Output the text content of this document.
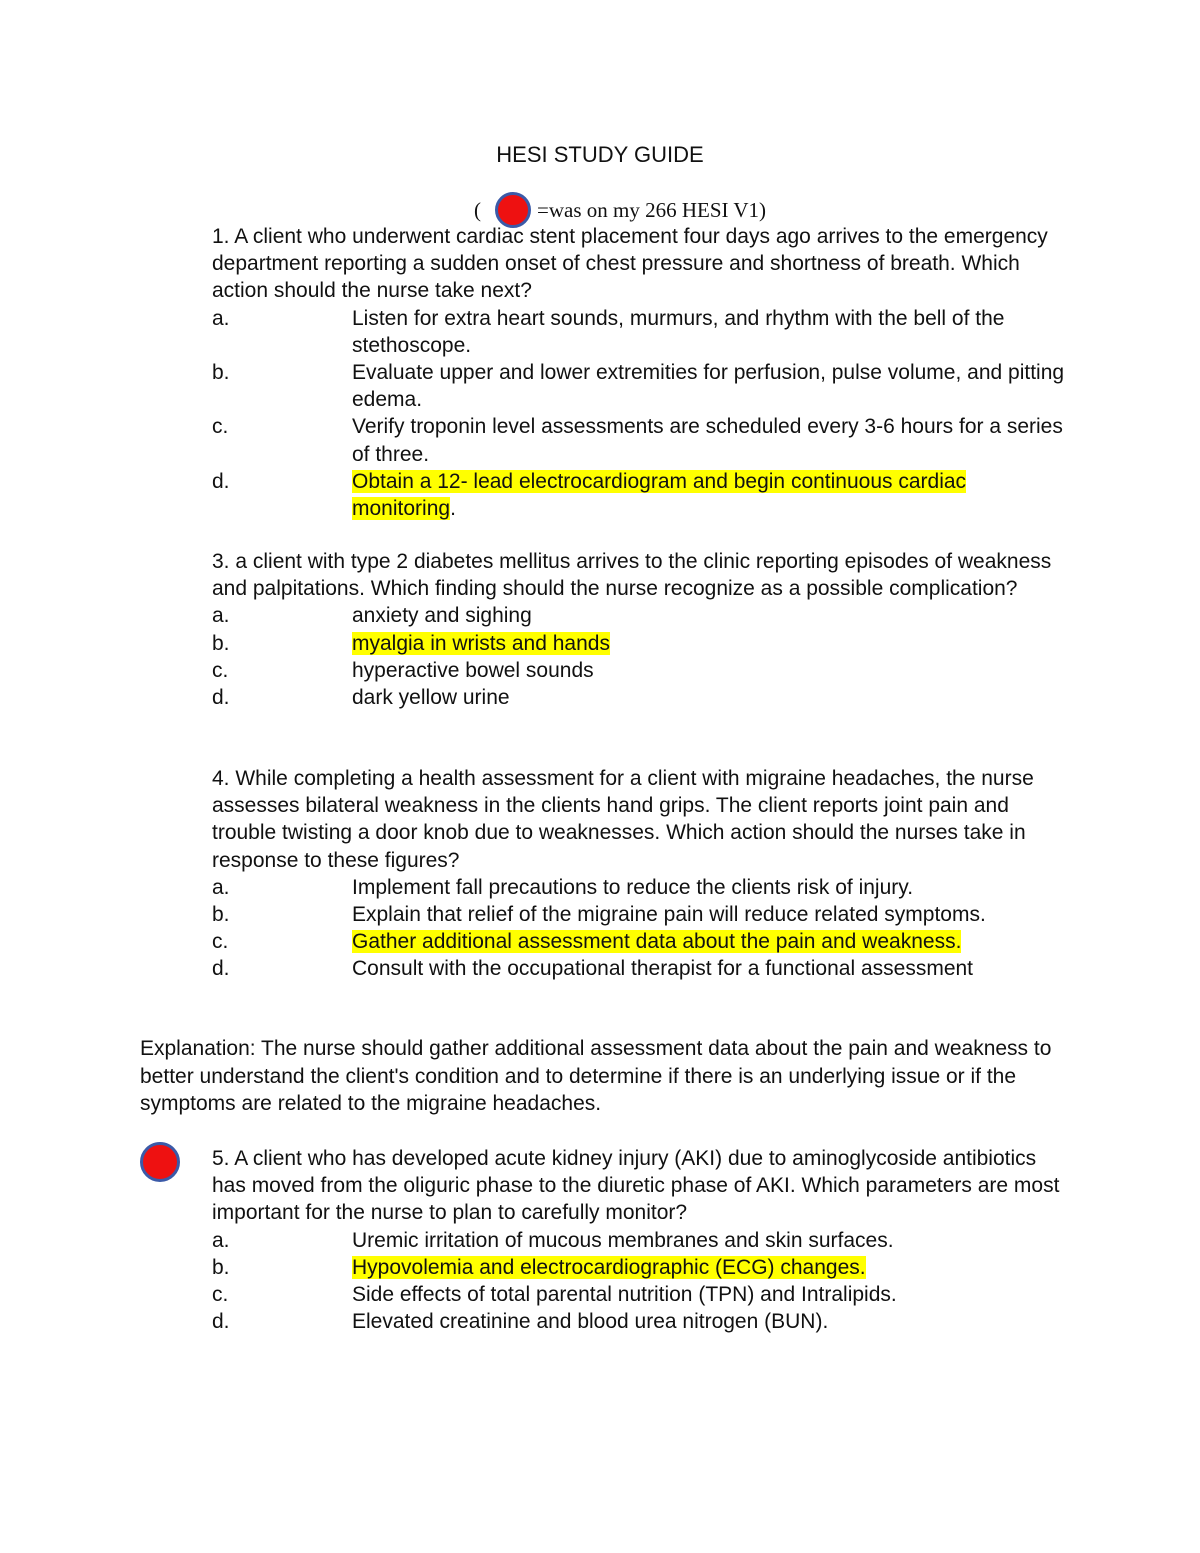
HESI STUDY GUIDE
(	=was on my 266 HESI V1)

1. A client who underwent cardiac stent placement four days ago arrives to the emergency department reporting a sudden onset of chest pressure and shortness of breath. Which action should the nurse take next?

a.	Listen for extra heart sounds, murmurs, and rhythm with the bell of the stethoscope.

b.	Evaluate upper and lower extremities for perfusion, pulse volume, and pitting edema.

c.	Verify troponin level assessments are scheduled every 3-6 hours for a series of three.

d.	Obtain a 12- lead electrocardiogram and begin continuous cardiac monitoring.

3. a client with type 2 diabetes mellitus arrives to the clinic reporting episodes of weakness and palpitations. Which finding should the nurse recognize as a possible complication?

a.	anxiety and sighing

b.	myalgia in wrists and hands

c.	hyperactive bowel sounds

d.	dark yellow urine

4. While completing a health assessment for a client with migraine headaches, the nurse assesses bilateral weakness in the clients hand grips. The client reports joint pain and trouble twisting a door knob due to weaknesses. Which action should the nurses take in response to these figures?

a.	Implement fall precautions to reduce the clients risk of injury.

b.	Explain that relief of the migraine pain will reduce related symptoms.

c.	Gather additional assessment data about the pain and weakness.

d.	Consult with the occupational therapist for a functional assessment

Explanation: The nurse should gather additional assessment data about the pain and weakness to better understand the client's condition and to determine if there is an underlying issue or if the symptoms are related to the migraine headaches.

5. A client who has developed acute kidney injury (AKI) due to aminoglycoside antibiotics has moved from the oliguric phase to the diuretic phase of AKI. Which parameters are most important for the nurse to plan to carefully monitor?

a.	Uremic irritation of mucous membranes and skin surfaces.

b.	Hypovolemia and electrocardiographic (ECG) changes.

c.	Side effects of total parental nutrition (TPN) and Intralipids.

d.	Elevated creatinine and blood urea nitrogen (BUN).
